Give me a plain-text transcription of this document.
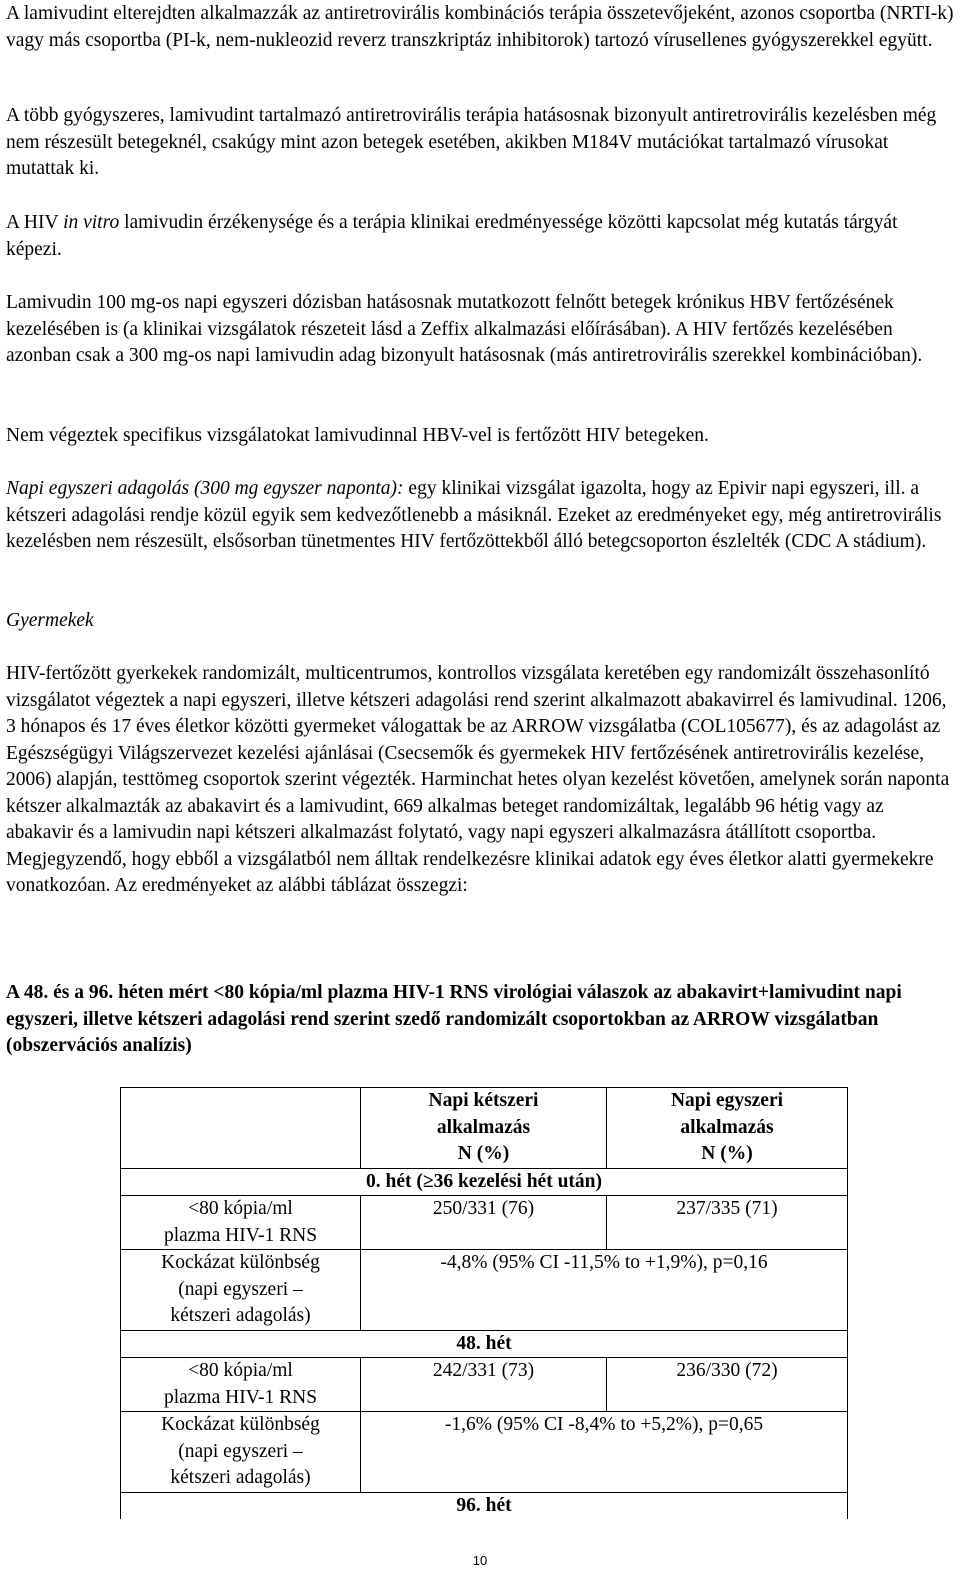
A lamivudint elterejdten alkalmazzák az antiretrovirális kombinációs terápia összetevőjeként, azonos csoportba (NRTI-k) vagy más csoportba (PI-k, nem-nukleozid reverz transzkriptáz inhibitorok) tartozó vírusellenes gyógyszerekkel együtt.

A több gyógyszeres, lamivudint tartalmazó antiretrovirális terápia hatásosnak bizonyult antiretrovirális kezelésben még nem részesült betegeknél, csakúgy mint azon betegek esetében, akikben M184V mutációkat tartalmazó vírusokat mutattak ki.

A HIV in vitro lamivudin érzékenysége és a terápia klinikai eredményessége közötti kapcsolat még kutatás tárgyát képezi.

Lamivudin 100 mg-os napi egyszeri dózisban hatásosnak mutatkozott felnőtt betegek krónikus HBV fertőzésének kezelésében is (a klinikai vizsgálatok részeteit lásd a Zeffix alkalmazási előírásában). A HIV fertőzés kezelésében azonban csak a 300 mg-os napi lamivudin adag bizonyult hatásosnak (más antiretrovirális szerekkel kombinációban).

Nem végeztek specifikus vizsgálatokat lamivudinnal HBV-vel is fertőzött HIV betegeken.

Napi egyszeri adagolás (300 mg egyszer naponta): egy klinikai vizsgálat igazolta, hogy az Epivir napi egyszeri, ill. a kétszeri adagolási rendje közül egyik sem kedvezőtlenebb a másiknál. Ezeket az eredményeket egy, még antiretrovirális kezelésben nem részesült, elsősorban tünetmentes HIV fertőzöttekből álló betegcsoporton észlelték (CDC A stádium).

Gyermekek

HIV-fertőzött gyerkekek randomizált, multicentrumos, kontrollos vizsgálata keretében egy randomizált összehasonlító vizsgálatot végeztek a napi egyszeri, illetve kétszeri adagolási rend szerint alkalmazott abakavirrel és lamivudinal. 1206, 3 hónapos és 17 éves életkor közötti gyermeket válogattak be az ARROW vizsgálatba (COL105677), és az adagolást az Egészségügyi Világszervezet kezelési ajánlásai (Csecsemők és gyermekek HIV fertőzésének antiretrovirális kezelése, 2006) alapján, testtömeg csoportok szerint végezték. Harminchat hetes olyan kezelést követően, amelynek során naponta kétszer alkalmazták az abakavirt és a lamivudint, 669 alkalmas beteget randomizáltak, legalább 96 hétig vagy az abakavir és a lamivudin napi kétszeri alkalmazást folytató, vagy napi egyszeri alkalmazásra átállított csoportba. Megjegyzendő, hogy ebből a vizsgálatból nem álltak rendelkezésre klinikai adatok egy éves életkor alatti gyermekekre vonatkozóan. Az eredményeket az alábbi táblázat összegzi:

A 48. és a 96. héten mért <80 kópia/ml plazma HIV-1 RNS virológiai válaszok az abakavirt+lamivudint napi egyszeri, illetve kétszeri adagolási rend szerint szedő randomizált csoportokban az ARROW vizsgálatban (obszervációs analízis)

	Napi kétszeri
alkalmazás
N (%)	Napi egyszeri
alkalmazás
N (%)
0. hét (≥36 kezelési hét után)		
<80 kópia/ml
plazma HIV-1 RNS	250/331 (76)	237/335 (71)
Kockázat különbség
(napi egyszeri –
kétszeri adagolás)	-4,8% (95% CI -11,5% to +1,9%), p=0,16	
48. hét		
<80 kópia/ml
plazma HIV-1 RNS	242/331 (73)	236/330 (72)
Kockázat különbség
(napi egyszeri –
kétszeri adagolás)	-1,6% (95% CI -8,4% to +5,2%), p=0,65	
96. hét		
10
